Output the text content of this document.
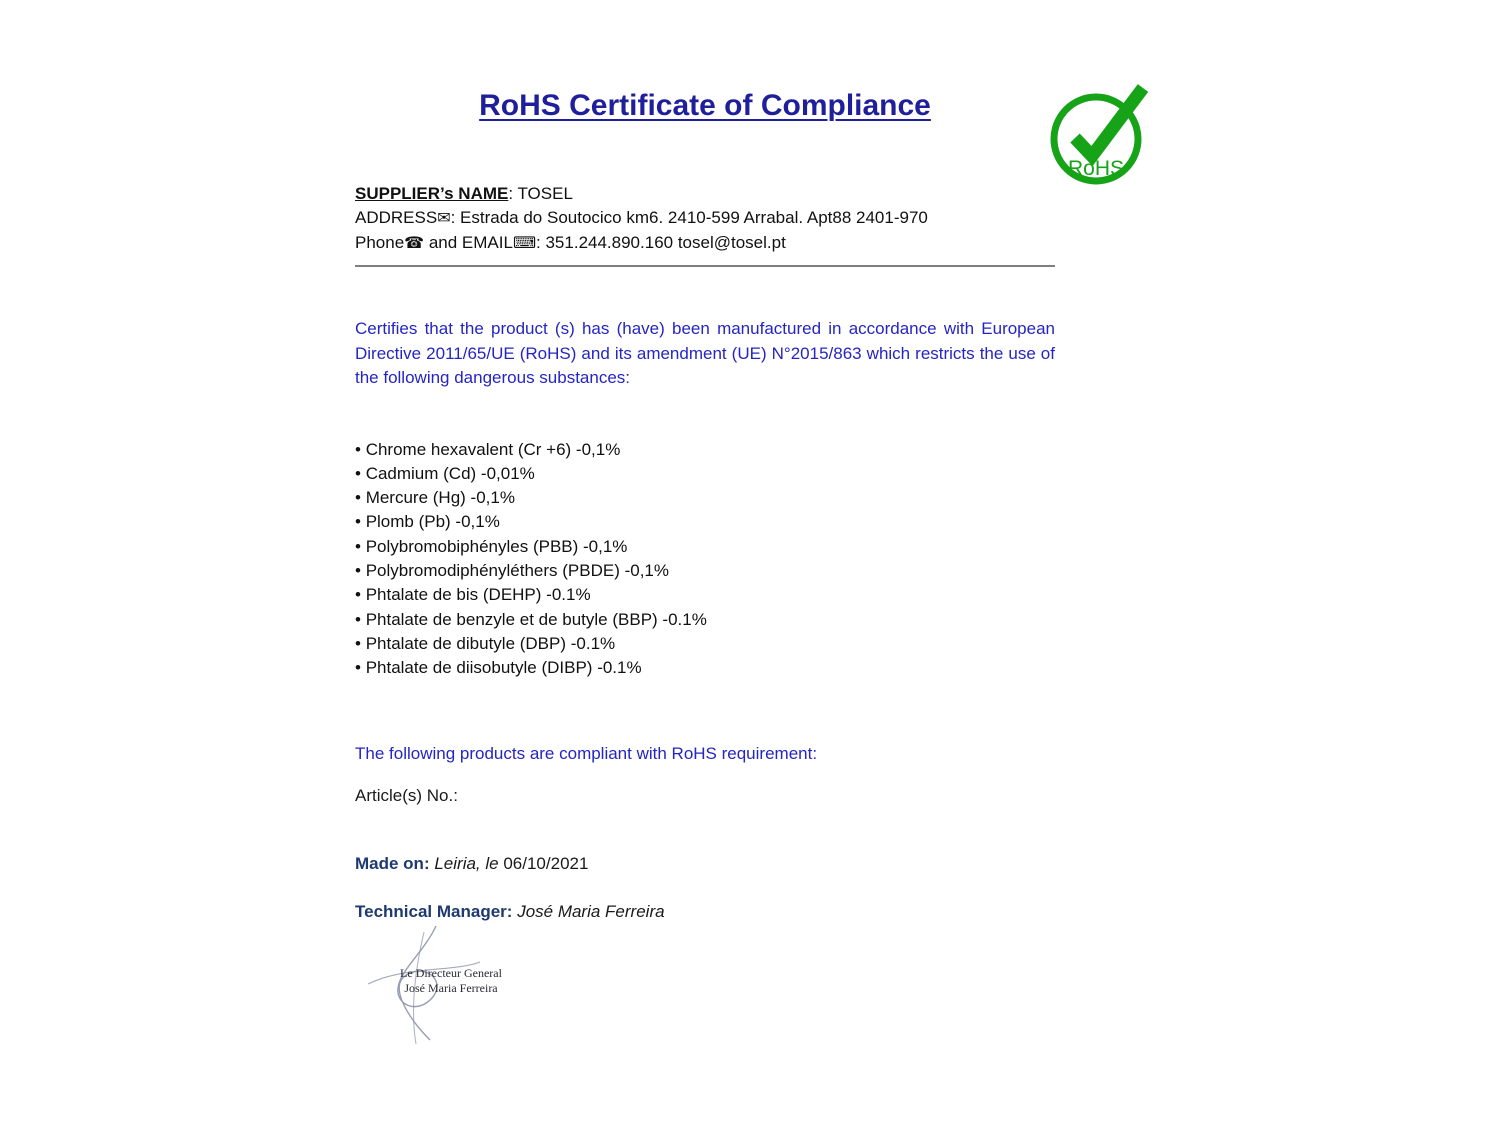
RoHS Certificate of Compliance
SUPPLIER’s NAME: TOSEL
ADDRESS✉: Estrada do Soutocico km6. 2410-599 Arrabal. Apt88 2401-970
Phone☎ and EMAIL⌨: 351.244.890.160 tosel@tosel.pt

Certifies that the product (s) has (have) been manufactured in accordance with European Directive 2011/65/UE (RoHS) and its amendment (UE) N°2015/863 which restricts the use of the following dangerous substances:

• Chrome hexavalent (Cr +6) -0,1%
• Cadmium (Cd) -0,01%
• Mercure (Hg) -0,1%
• Plomb (Pb) -0,1%
• Polybromobiphényles (PBB) -0,1%
• Polybromodiphényléthers (PBDE) -0,1%
• Phtalate de bis (DEHP) -0.1%
• Phtalate de benzyle et de butyle (BBP) -0.1%
• Phtalate de dibutyle (DBP) -0.1%
• Phtalate de diisobutyle (DIBP) -0.1%
The following products are compliant with RoHS requirement:
Article(s) No.:
Made on: Leiria, le 06/10/2021
Technical Manager: José Maria Ferreira
RoHS
Le Directeur General
José Maria Ferreira
